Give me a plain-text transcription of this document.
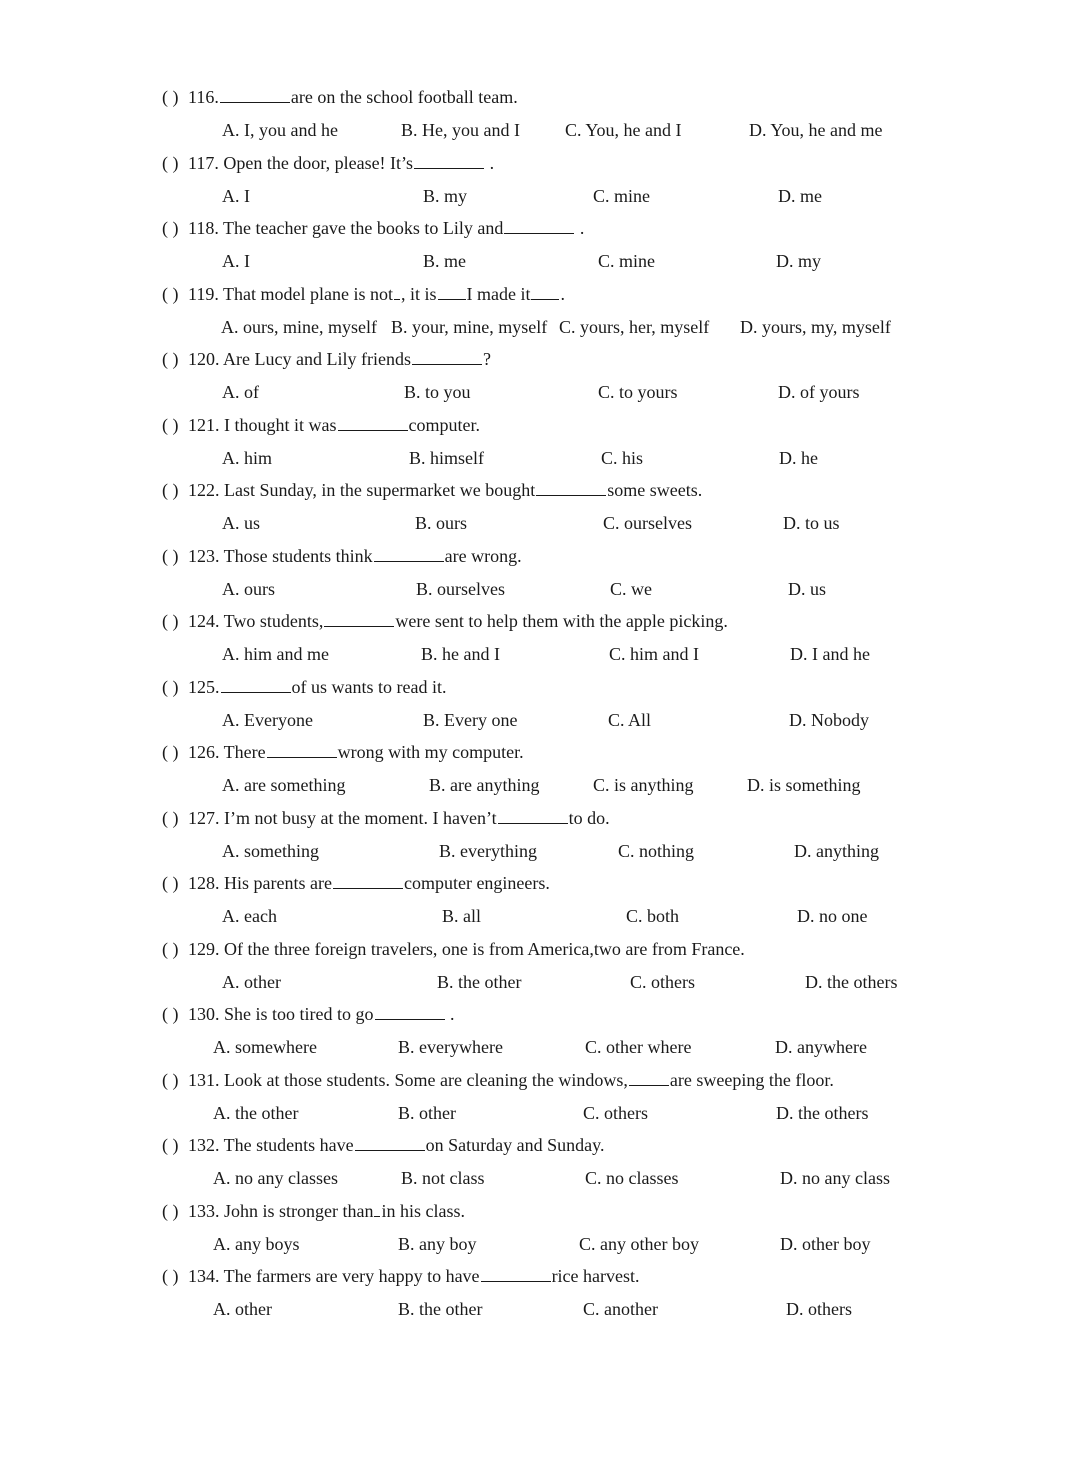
( ) 116.	are on the school football team.
A. I, you and he	B. He, you and I	C. You, he and I	D. You, he and me
( ) 117. Open the door, please! It’s	.
A. I	B. my	C. mine	D. me
( ) 118. The teacher gave the books to Lily and	.
A. I	B. me	C. mine	D. my
( ) 119. That model plane is not , it is I made it .
A. ours, mine, myself B. your, mine, myself C. yours, her, myself D. yours, my, myself
( ) 120. Are Lucy and Lily friends	?
A. of	B. to you	C. to yours	D. of yours
( ) 121. I thought it was	computer.
A. him	B. himself	C. his	D. he
( ) 122. Last Sunday, in the supermarket we bought	some sweets.
A. us	B. ours	C. ourselves	D. to us
( ) 123. Those students think	are wrong.
A. ours	B. ourselves	C. we	D. us
( ) 124. Two students,	were sent to help them with the apple picking.
A. him and me	B. he and I	C. him and I	D. I and he
( ) 125.	of us wants to read it.
A. Everyone	B. Every one	C. All	D. Nobody
( ) 126. There	wrong with my computer.
A. are something	B. are anything	C. is anything	D. is something
( ) 127. I’m not busy at the moment. I haven’t	to do.
A. something	B. everything	C. nothing	D. anything
( ) 128. His parents are	computer engineers.
A. each	B. all	C. both	D. no one
( ) 129. Of the three foreign travelers, one is from America,two are from France.
A. other	B. the other	C. others	D. the others
( ) 130. She is too tired to go	.
A. somewhere	B. everywhere	C. other where	D. anywhere
( ) 131. Look at those students. Some are cleaning the windows, are sweeping the floor.
A. the other	B. other	C. others	D. the others
( ) 132. The students have	on Saturday and Sunday.
A. no any classes	B. not class	C. no classes	D. no any class
( ) 133. John is stronger than in his class.
A. any boys	B. any boy	C. any other boy	D. other boy
( ) 134. The farmers are very happy to have	rice harvest.
A. other	B. the other	C. another	D. others
